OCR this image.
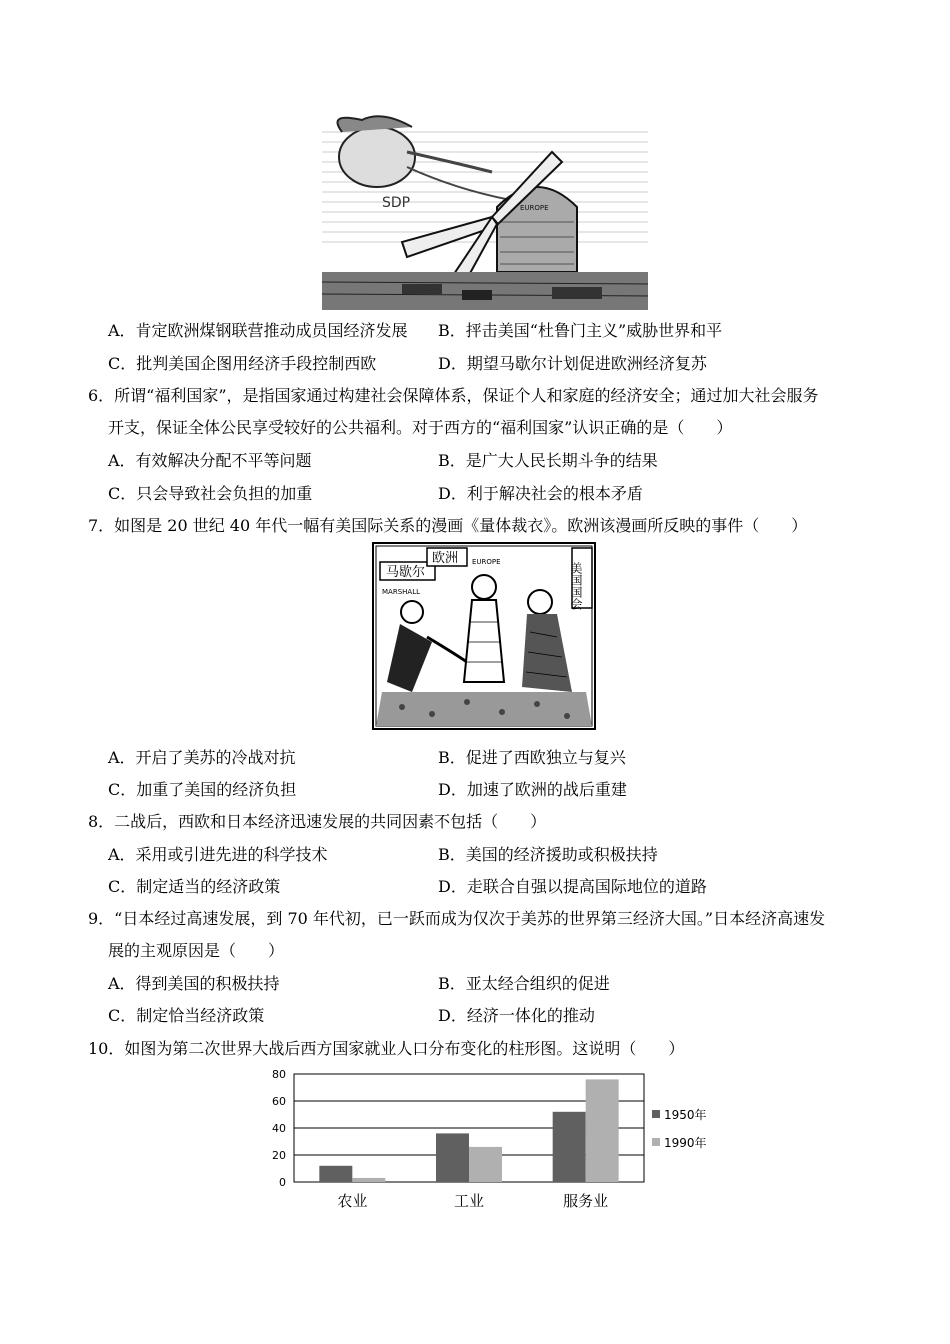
SDP	EUROPE
A．肯定欧洲煤钢联营推动成员国经济发展 B．抨击美国“杜鲁门主义”威胁世界和平
C．批判美国企图用经济手段控制西欧	D．期望马歇尔计划促进欧洲经济复苏
6．所谓“福利国家”，是指国家通过构建社会保障体系，保证个人和家庭的经济安全；通过加大社会服务
开支，保证全体公民享受较好的公共福利。对于西方的“福利国家”认识正确的是（　　）
A．有效解决分配不平等问题	B．是广大人民长期斗争的结果
C．只会导致社会负担的加重	D．利于解决社会的根本矛盾
7．如图是 20 世纪 40 年代一幅有美国际关系的漫画《量体裁衣》。欧洲该漫画所反映的事件（　　）
马歇尔
MARSHALL
欧洲 EUROPE	美国国会
A．开启了美苏的冷战对抗	B．促进了西欧独立与复兴
C．加重了美国的经济负担	D．加速了欧洲的战后重建
8．二战后，西欧和日本经济迅速发展的共同因素不包括（　　）
A．采用或引进先进的科学技术	B．美国的经济援助或积极扶持
C．制定适当的经济政策	D．走联合自强以提高国际地位的道路
9．“日本经过高速发展，到 70 年代初，已一跃而成为仅次于美苏的世界第三经济大国。”日本经济高速发
展的主观原因是（　　）
A．得到美国的积极扶持	B．亚太经合组织的促进
C．制定恰当经济政策	D．经济一体化的推动
10．如图为第二次世界大战后西方国家就业人口分布变化的柱形图。这说明（　　）
0
20
40
60
80
农业	工业	服务业
1950年
1990年
